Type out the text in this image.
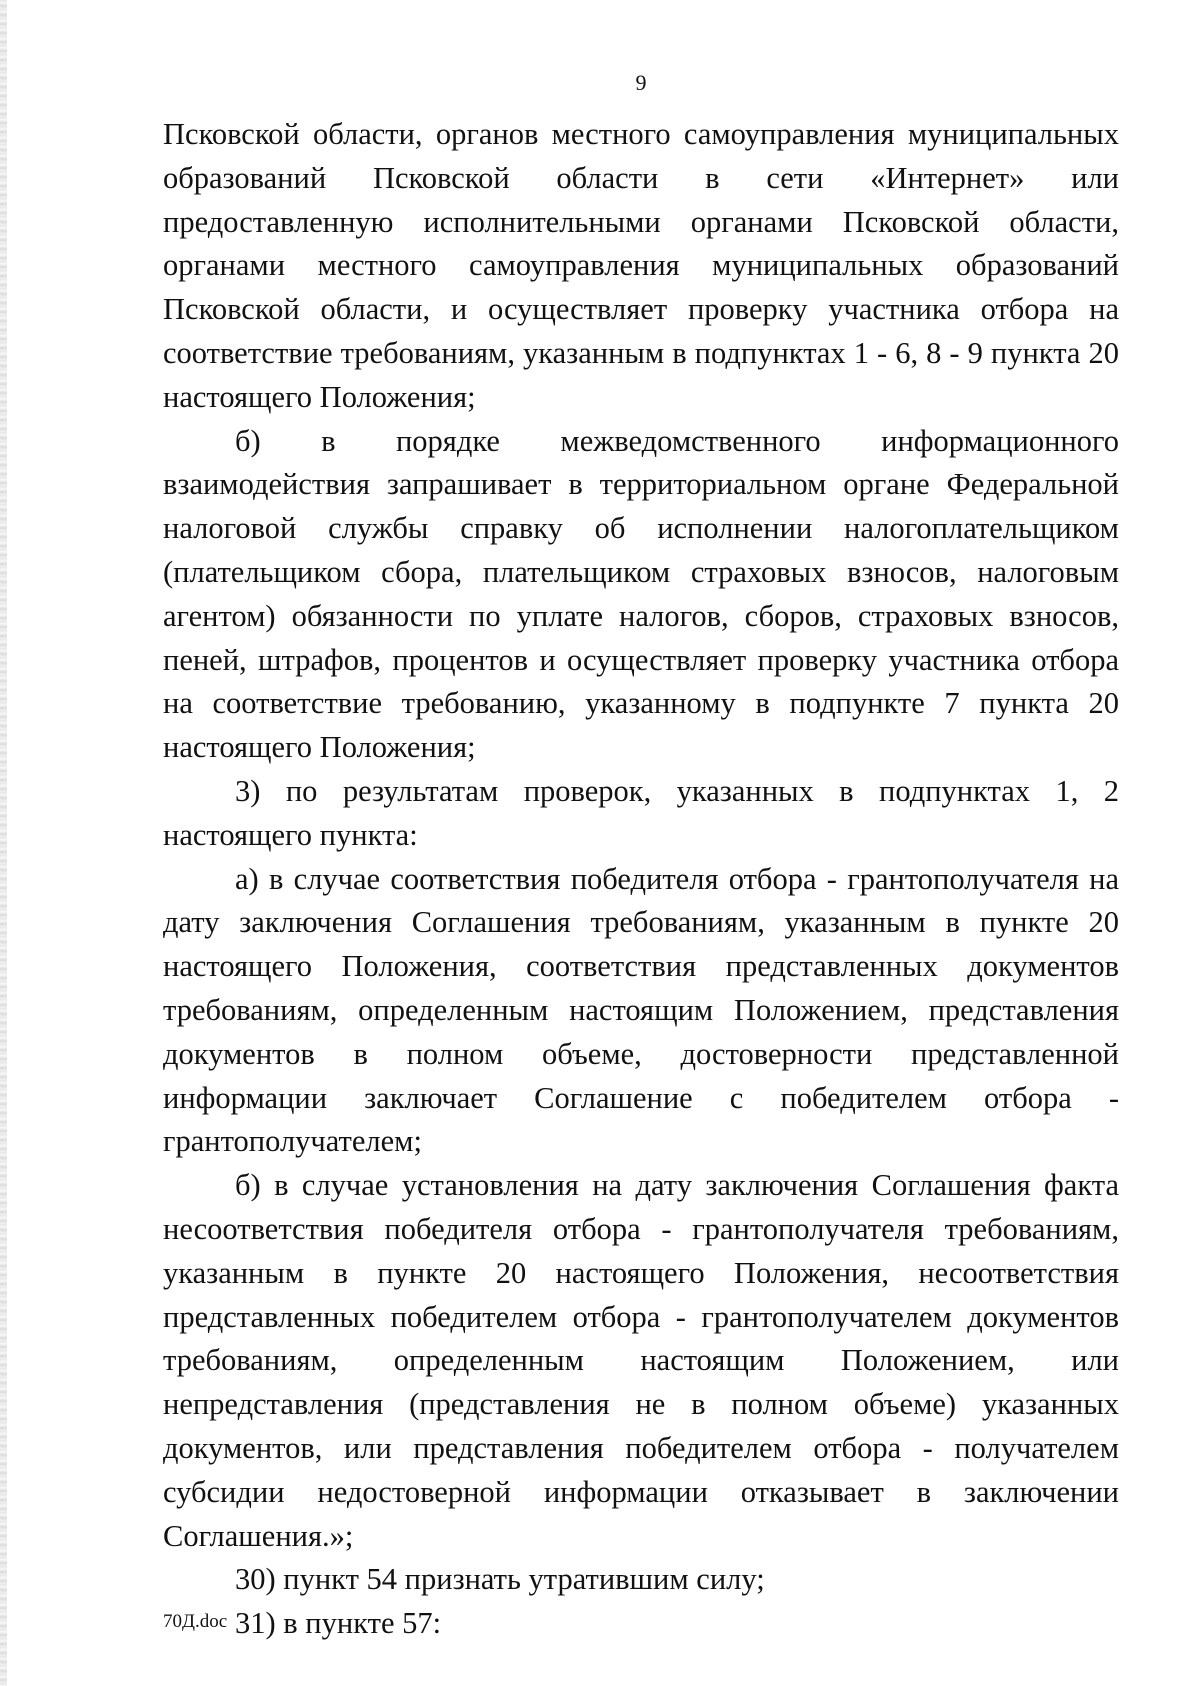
9

Псковской области, органов местного самоуправления муниципальных образований Псковской области в сети «Интернет» или предоставленную исполнительными органами Псковской области, органами местного самоуправления муниципальных образований Псковской области, и осуществляет проверку участника отбора на соответствие требованиям, указанным в подпунктах 1 - 6, 8 - 9 пункта 20 настоящего Положения;

б) в порядке межведомственного информационного взаимодействия запрашивает в территориальном органе Федеральной налоговой службы справку об исполнении налогоплательщиком (плательщиком сбора, плательщиком страховых взносов, налоговым агентом) обязанности по уплате налогов, сборов, страховых взносов, пеней, штрафов, процентов и осуществляет проверку участника отбора на соответствие требованию, указанному в подпункте 7 пункта 20 настоящего Положения;

3) по результатам проверок, указанных в подпунктах 1, 2 настоящего пункта:

а) в случае соответствия победителя отбора - грантополучателя на дату заключения Соглашения требованиям, указанным в пункте 20 настоящего Положения, соответствия представленных документов требованиям, определенным настоящим Положением, представления документов в полном объеме, достоверности представленной информации заключает Соглашение с победителем отбора - грантополучателем;

б) в случае установления на дату заключения Соглашения факта несоответствия победителя отбора - грантополучателя требованиям, указанным в пункте 20 настоящего Положения, несоответствия представленных победителем отбора - грантополучателем документов требованиям, определенным настоящим Положением, или непредставления (представления не в полном объеме) указанных документов, или представления победителем отбора - получателем субсидии недостоверной информации отказывает в заключении Соглашения.»;

30) пункт 54 признать утратившим силу;

31) в пункте 57:

70Д.doc
